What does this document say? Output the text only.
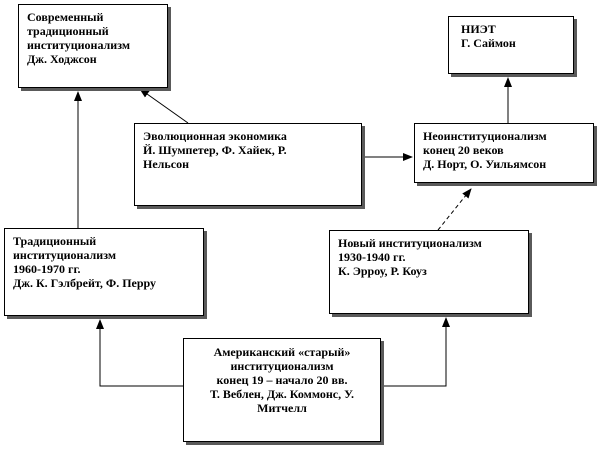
Современный
традиционный
институционализм
Дж. Ходжсон
НИЭТ
Г. Саймон
Эволюционная экономика
Й. Шумпетер, Ф. Хайек, Р.
Нельсон
Неоинституционализм
конец 20 веков
Д. Норт, О. Уильямсон
Традиционный
институционализм
1960-1970 гг.
Дж. К. Гэлбрейт, Ф. Перру
Новый институционализм
1930-1940 гг.
К. Эрроу, Р. Коуз
Американский «старый»
институционализм
конец 19 – начало 20 вв.
Т. Веблен, Дж. Коммонс, У.
Митчелл
